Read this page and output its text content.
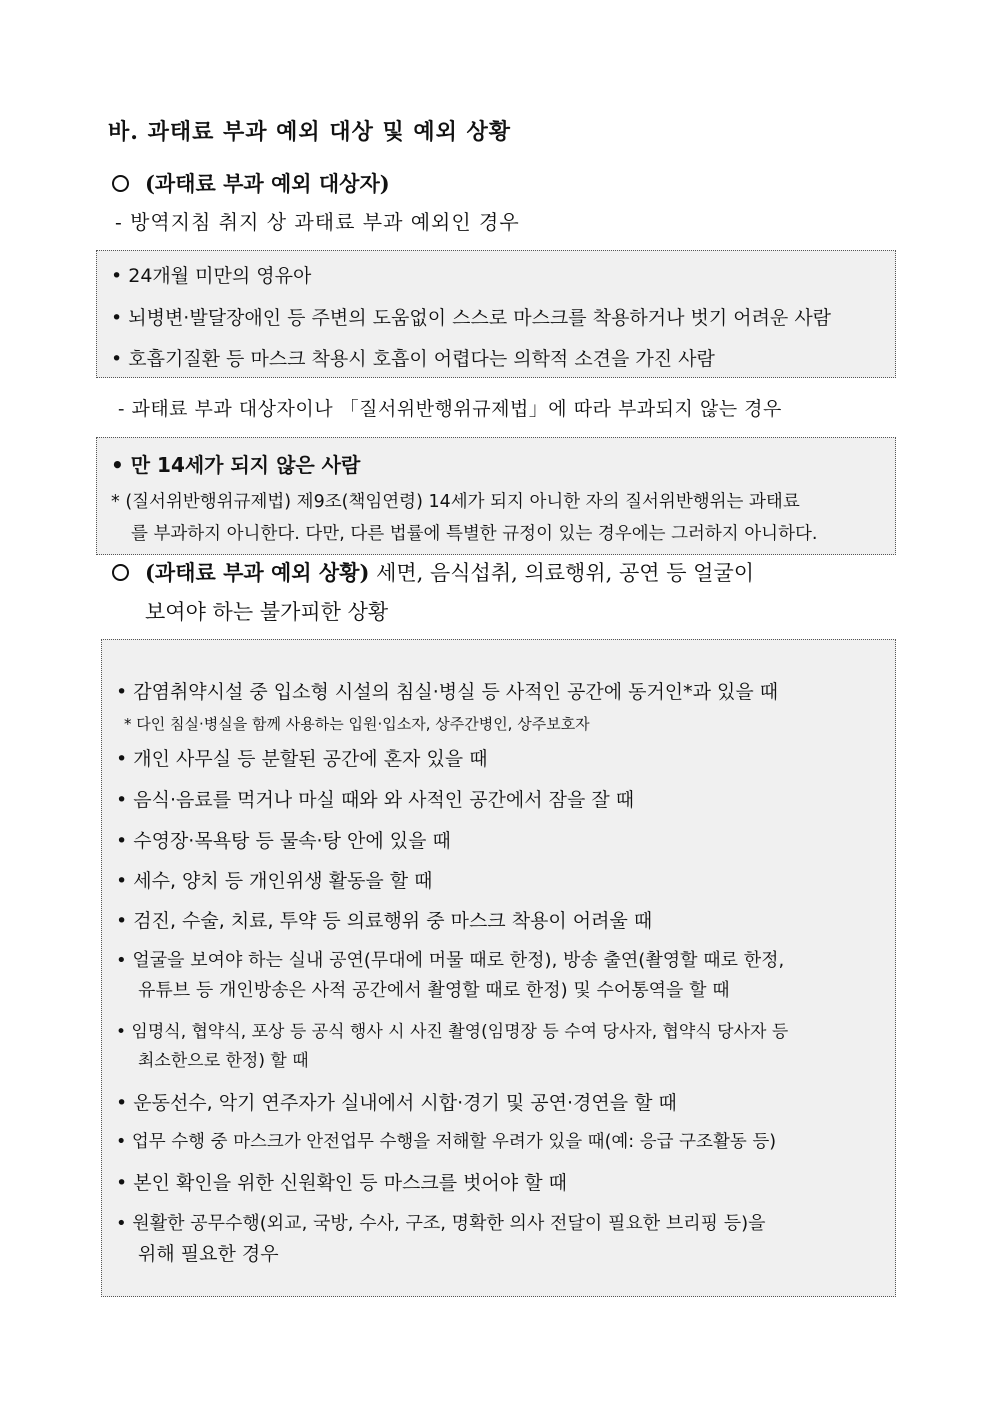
바. 과태료 부과 예외 대상 및 예외 상황
(과태료 부과 예외 대상자)
- 방역지침 취지 상 과태료 부과 예외인 경우
• 24개월 미만의 영유아
• 뇌병변·발달장애인 등 주변의 도움없이 스스로 마스크를 착용하거나 벗기 어려운 사람
• 호흡기질환 등 마스크 착용시 호흡이 어렵다는 의학적 소견을 가진 사람
- 과태료 부과 대상자이나 「질서위반행위규제법」에 따라 부과되지 않는 경우
• 만 14세가 되지 않은 사람
* (질서위반행위규제법) 제9조(책임연령) 14세가 되지 아니한 자의 질서위반행위는 과태료
를 부과하지 아니한다. 다만, 다른 법률에 특별한 규정이 있는 경우에는 그러하지 아니하다.
(과태료 부과 예외 상황) 세면, 음식섭취, 의료행위, 공연 등 얼굴이
보여야 하는 불가피한 상황
• 감염취약시설 중 입소형 시설의 침실·병실 등 사적인 공간에 동거인*과 있을 때
* 다인 침실·병실을 함께 사용하는 입원·입소자, 상주간병인, 상주보호자
• 개인 사무실 등 분할된 공간에 혼자 있을 때
• 음식·음료를 먹거나 마실 때와 와 사적인 공간에서 잠을 잘 때
• 수영장·목욕탕 등 물속·탕 안에 있을 때
• 세수, 양치 등 개인위생 활동을 할 때
• 검진, 수술, 치료, 투약 등 의료행위 중 마스크 착용이 어려울 때
• 얼굴을 보여야 하는 실내 공연(무대에 머물 때로 한정), 방송 출연(촬영할 때로 한정,
유튜브 등 개인방송은 사적 공간에서 촬영할 때로 한정) 및 수어통역을 할 때
• 임명식, 협약식, 포상 등 공식 행사 시 사진 촬영(임명장 등 수여 당사자, 협약식 당사자 등
최소한으로 한정) 할 때
• 운동선수, 악기 연주자가 실내에서 시합·경기 및 공연·경연을 할 때
• 업무 수행 중 마스크가 안전업무 수행을 저해할 우려가 있을 때(예: 응급 구조활동 등)
• 본인 확인을 위한 신원확인 등 마스크를 벗어야 할 때
• 원활한 공무수행(외교, 국방, 수사, 구조, 명확한 의사 전달이 필요한 브리핑 등)을
위해 필요한 경우
